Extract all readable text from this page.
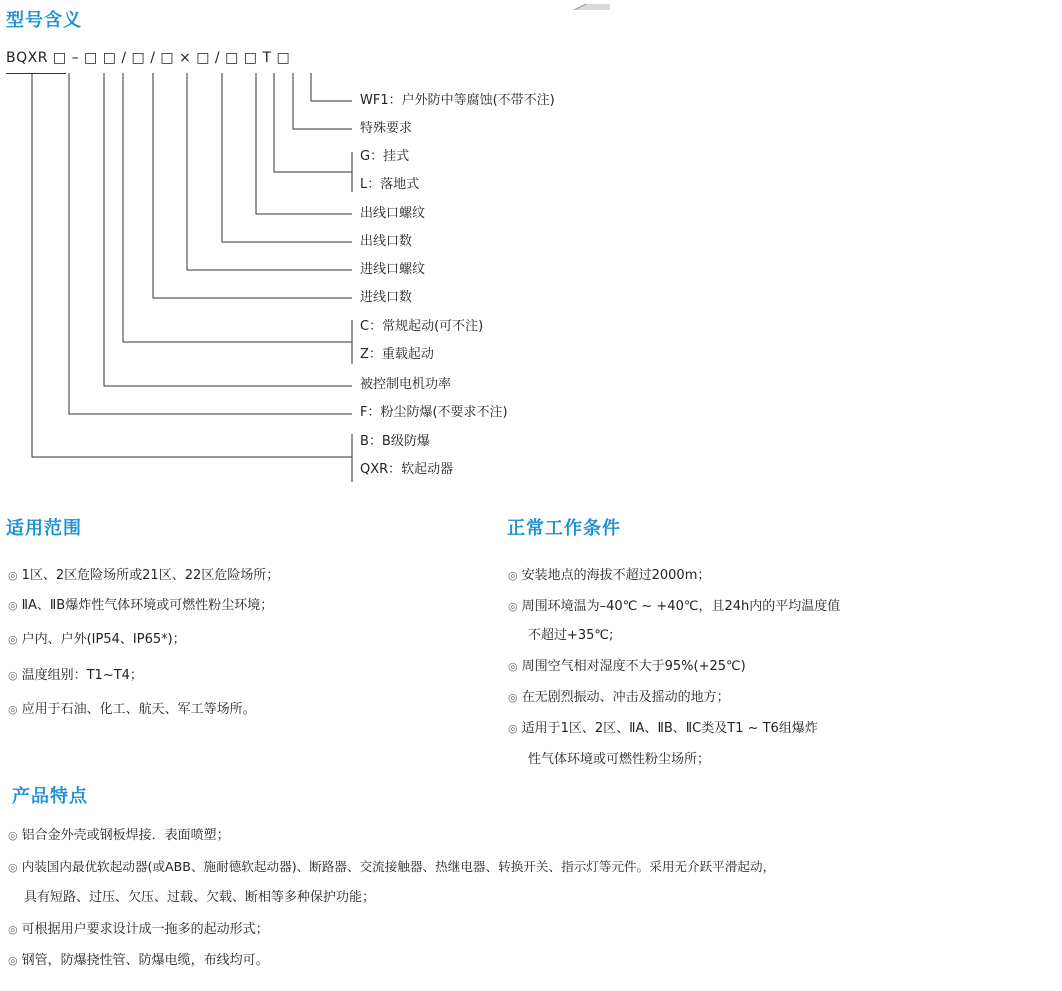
型号含义
BQXR □ – □ □ / □ / □ × □ / □ □ T □
WF1：户外防中等腐蚀(不带不注)
特殊要求
G：挂式
L：落地式
出线口螺纹
出线口数
进线口螺纹
进线口数
C：常规起动(可不注)
Z：重载起动
被控制电机功率
F：粉尘防爆(不要求不注)
B：B级防爆
QXR：软起动器
适用范围
◎ 1区、2区危险场所或21区、22区危险场所；
◎ ⅡA、ⅡB爆炸性气体环境或可燃性粉尘环境；
◎ 户内、户外(IP54、IP65*)；
◎ 温度组别：T1~T4；
◎ 应用于石油、化工、航天、军工等场所。
正常工作条件
◎ 安装地点的海拔不超过2000m；
◎ 周围环境温为–40℃ ~ +40℃，且24h内的平均温度值
不超过+35℃;
◎ 周围空气相对湿度不大于95%(+25℃)
◎ 在无剧烈振动、冲击及摇动的地方；
◎ 适用于1区、2区、ⅡA、ⅡB、ⅡC类及T1 ~ T6组爆炸
性气体环境或可燃性粉尘场所；
产品特点
◎ 铝合金外壳或钢板焊接．表面喷塑；
◎ 内装国内最优软起动器(或ABB、施耐德软起动器)、断路器、交流接触器、热继电器、转换开关、指示灯等元件。采用无介跃平滑起动，
具有短路、过压、欠压、过载、欠载、断相等多种保护功能；
◎ 可根据用户要求设计成一拖多的起动形式；
◎ 钢管，防爆挠性管、防爆电缆，布线均可。
